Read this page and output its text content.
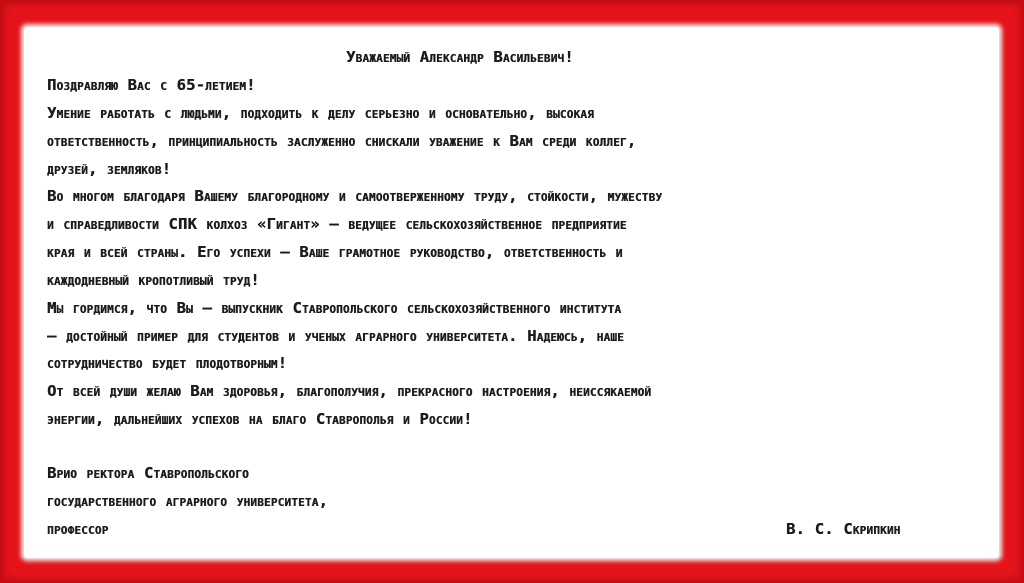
Уважаемый Александр Васильевич!
Поздравляю Вас с 65-летием!
Умение работать с людьми, подходить к делу серьезно и основательно, высокая
ответственность, принципиальность заслуженно снискали уважение к Вам среди коллег,
друзей, земляков!
Во многом благодаря Вашему благородному и самоотверженному труду, стойкости, мужеству
и справедливости СПК колхоз «Гигант» — ведущее сельскохозяйственное предприятие
края и всей страны. Его успехи — Ваше грамотное руководство, ответственность и
каждодневный кропотливый труд!
Мы гордимся, что Вы — выпускник Ставропольского сельскохозяйственного института
— достойный пример для студентов и ученых аграрного университета. Надеюсь, наше
сотрудничество будет плодотворным!
От всей души желаю Вам здоровья, благополучия, прекрасного настроения, неиссякаемой
энергии, дальнейших успехов на благо Ставрополья и России!
Врио ректора Ставропольского
государственного аграрного университета,
профессор	В. С. Скрипкин
